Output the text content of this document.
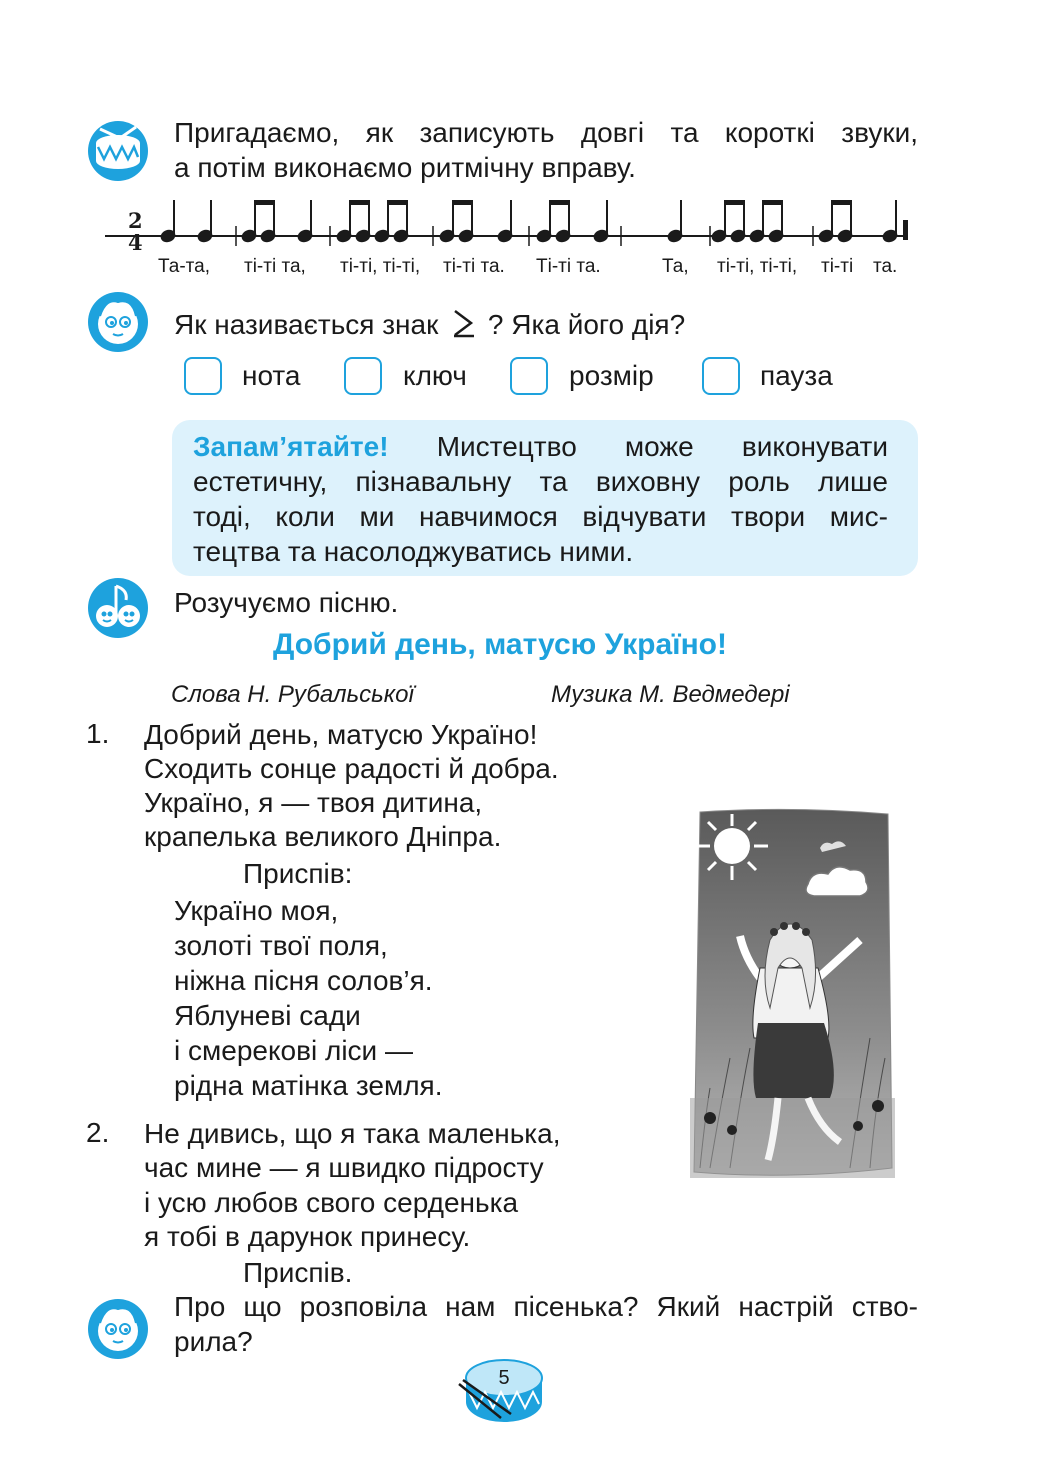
Пригадаємо, як записують довгі та короткі звуки,
а потім виконаємо ритмічну вправу.
2
4
Та-та, ті-ті та, ті-ті, ті-ті, ті-ті та. Ті-ті та.	Та, ті-ті, ті-ті, ті-ті та.
Як називається знак ? Яка його дія?
нота	ключ	розмір	пауза
Запам’ятайте! Мистецтво може виконувати
естетичну, пізнавальну та виховну роль лише
тоді, коли ми навчимося відчувати твори мис-
тецтва та насолоджуватись ними.
Розучуємо пісню.
Добрий день, матусю Україно!
Слова Н. Рубальської	Музика М. Ведмедері
1. Добрий день, матусю Україно!
Сходить сонце радості й добра.
Україно, я — твоя дитина,
крапелька великого Дніпра.
Приспів:
Україно моя,
золоті твої поля,
ніжна пісня солов’я.
Яблуневі сади
і смерекові ліси —
рідна матінка земля.
2. Не дивись, що я така маленька,
час мине — я швидко підросту
і усю любов свого серденька
я тобі в дарунок принесу.
Приспів.
Про що розповіла нам пісенька? Який настрій ство-
рила?
5
